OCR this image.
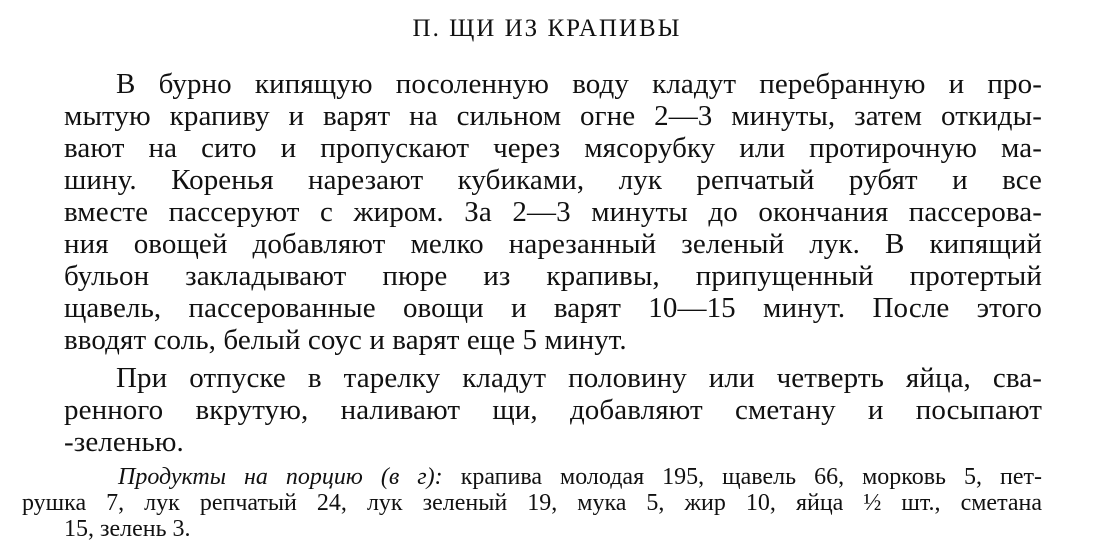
П. ЩИ ИЗ КРАПИВЫ
В бурно кипящую посоленную воду кладут перебранную и про-
мытую крапиву и варят на сильном огне 2—3 минуты, затем откиды-
вают на сито и пропускают через мясорубку или протирочную ма-
шину. Коренья нарезают кубиками, лук репчатый рубят и все
вместе пассеруют с жиром. За 2—3 минуты до окончания пассерова-
ния овощей добавляют мелко нарезанный зеленый лук. В кипящий
бульон закладывают пюре из крапивы, припущенный протертый
щавель, пассерованные овощи и варят 10—15 минут. После этого
вводят соль, белый соус и варят еще 5 минут.
При отпуске в тарелку кладут половину или четверть яйца, сва-
ренного вкрутую, наливают щи, добавляют сметану и посыпают
-зеленью.
Продукты на порцию (в г): крапива молодая 195, щавель 66, морковь 5, пет-
рушка 7, лук репчатый 24, лук зеленый 19, мука 5, жир 10, яйца ½ шт., сметана
15, зелень 3.
